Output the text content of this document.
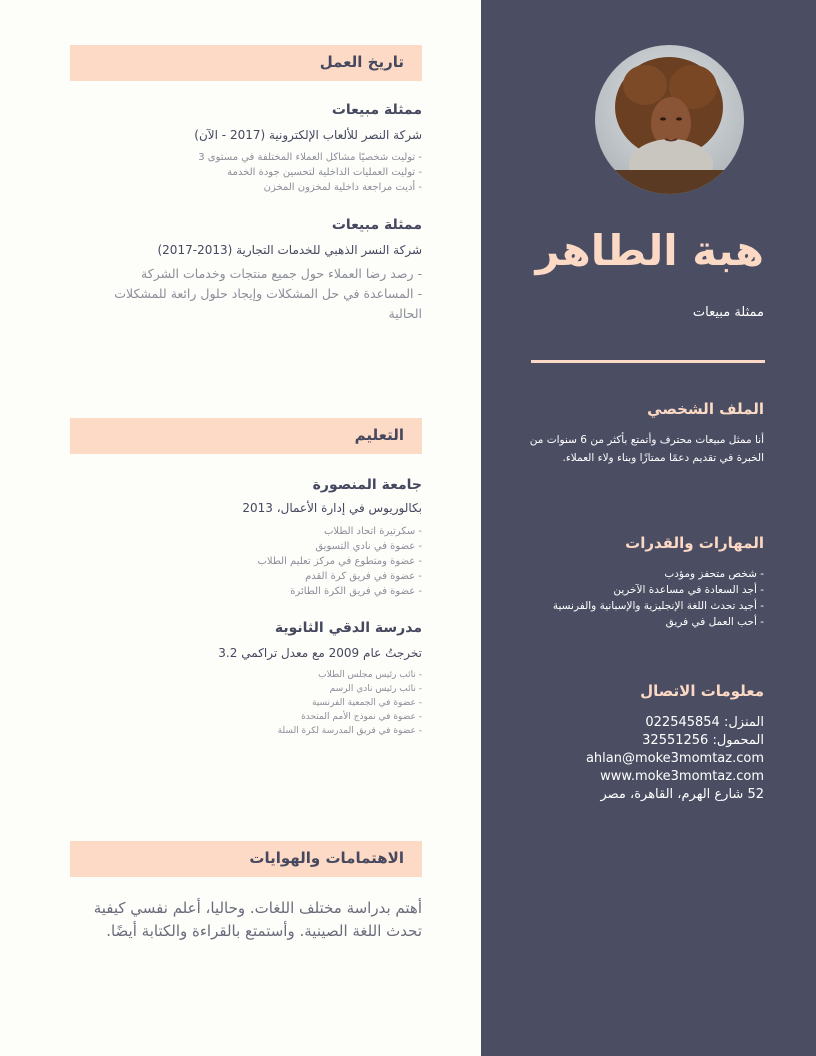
هبة الطاهر
ممثلة مبيعات
الملف الشخصي
أنا ممثل مبيعات محترف وأتمتع بأكثر من 6 سنوات من الخبرة في تقديم دعمًا ممتازًا وبناء ولاء العملاء.
المهارات والقدرات
- شخص متحفز ومؤدب
- أجد السعادة في مساعدة الآخرين
- أجيد تحدث اللغة الإنجليزية والإسبانية والفرنسية
- أحب العمل في فريق
معلومات الاتصال
المنزل: 022545854
المحمول: 32551256
ahlan@moke3momtaz.com
www.moke3momtaz.com
52 شارع الهرم، القاهرة، مصر
تاريخ العمل
ممثلة مبيعات
شركة النصر للألعاب الإلكترونية (2017 - الآن)
- توليت شخصيًا مشاكل العملاء المختلفة في مستوى 3
- توليت العمليات الداخلية لتحسين جودة الخدمة
- أديت مراجعة داخلية لمخزون المخزن
ممثلة مبيعات
شركة النسر الذهبي للخدمات التجارية (2013-2017)
- رصد رضا العملاء حول جميع منتجات وخدمات الشركة
- المساعدة في حل المشكلات وإيجاد حلول رائعة للمشكلات الحالية
التعليم
جامعة المنصورة
بكالوريوس في إدارة الأعمال، 2013
- سكرتيرة اتحاد الطلاب
- عضوة في نادي التسويق
- عضوة ومتطوع في مركز تعليم الطلاب
- عضوة في فريق كرة القدم
- عضوة في فريق الكرة الطائرة
مدرسة الدقي الثانوية
تخرجتُ عام 2009 مع معدل تراكمي 3.2
- نائب رئيس مجلس الطلاب
- نائب رئيس نادي الرسم
- عضوة في الجمعية الفرنسية
- عضوة في نموذج الأمم المتحدة
- عضوة في فريق المدرسة لكرة السلة
الاهتمامات والهوايات
أهتم بدراسة مختلف اللغات. وحاليا، أعلم نفسي كيفية تحدث اللغة الصينية. وأستمتع بالقراءة والكتابة أيضًا.
